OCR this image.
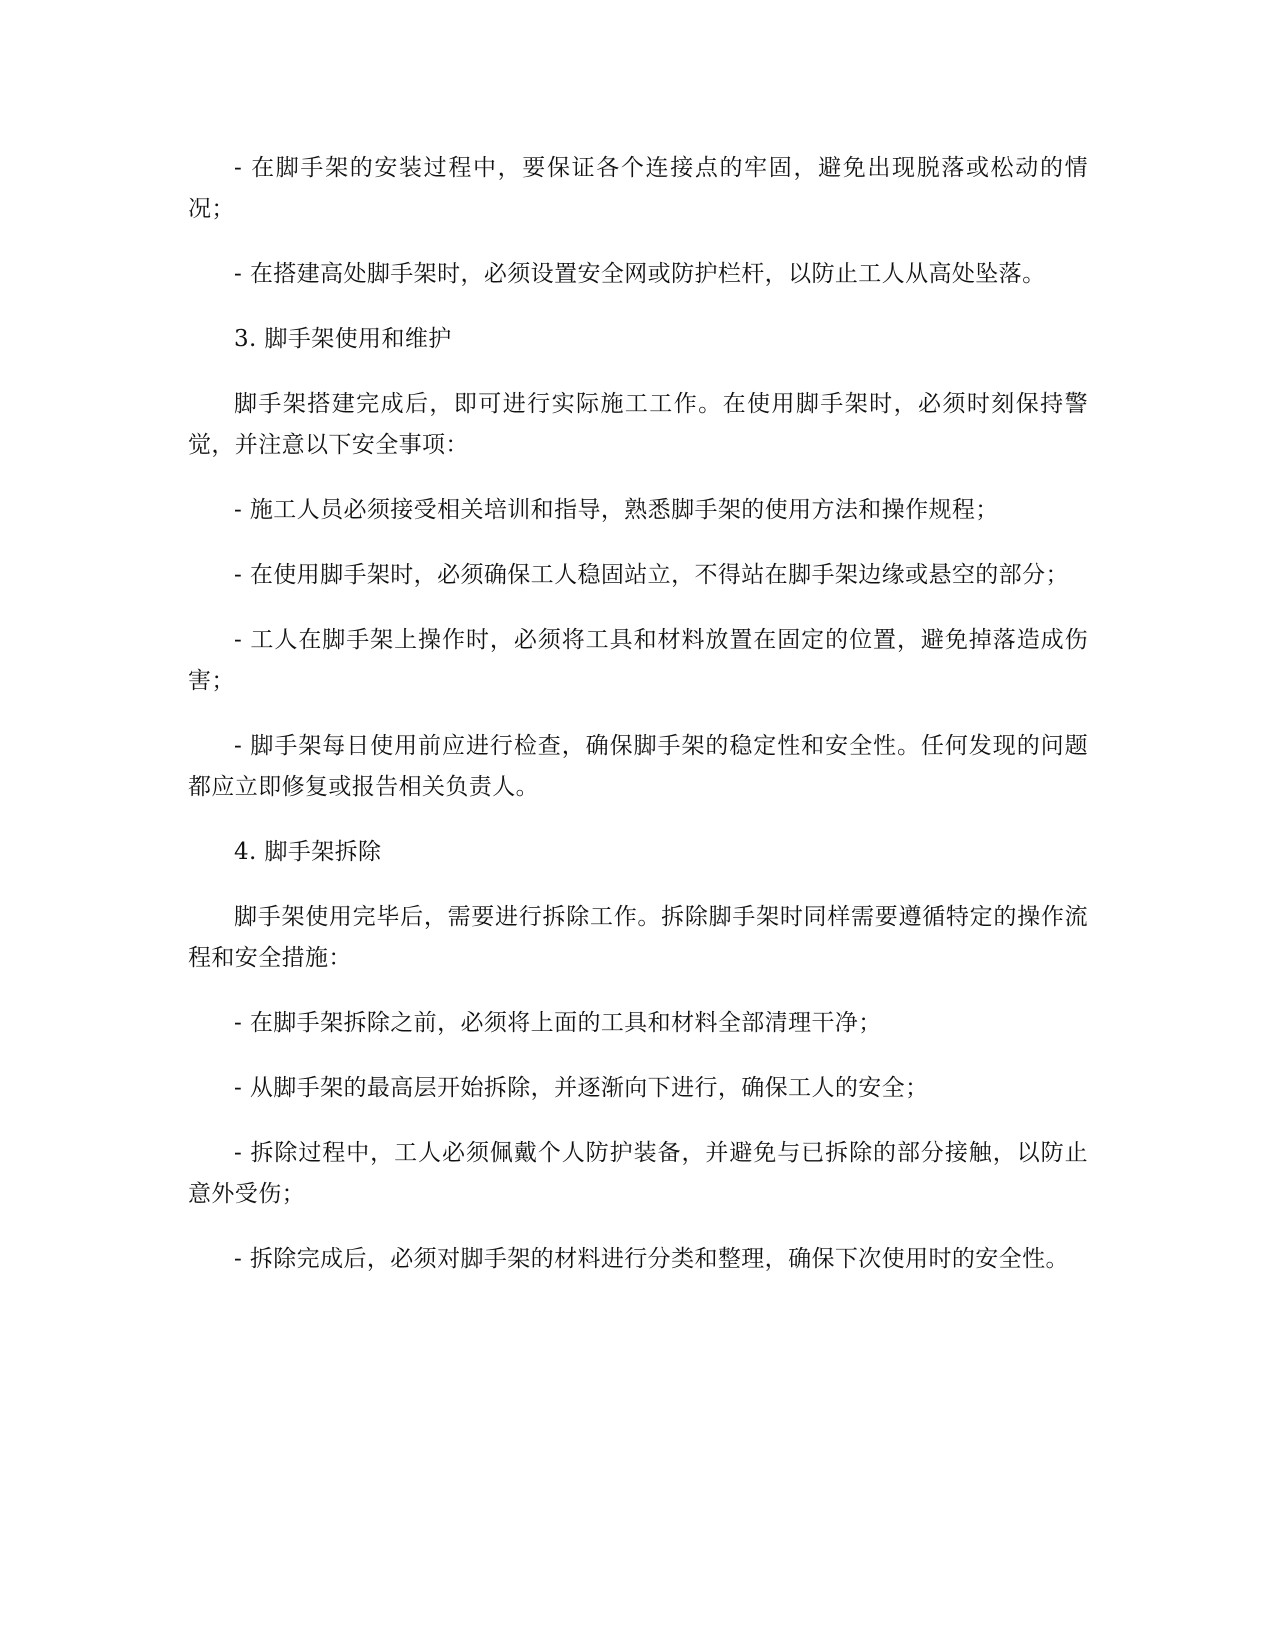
- 在脚手架的安装过程中，要保证各个连接点的牢固，避免出现脱落或松动的情况；

- 在搭建高处脚手架时，必须设置安全网或防护栏杆，以防止工人从高处坠落。

3. 脚手架使用和维护

脚手架搭建完成后，即可进行实际施工工作。在使用脚手架时，必须时刻保持警觉，并注意以下安全事项：

- 施工人员必须接受相关培训和指导，熟悉脚手架的使用方法和操作规程；

- 在使用脚手架时，必须确保工人稳固站立，不得站在脚手架边缘或悬空的部分；

- 工人在脚手架上操作时，必须将工具和材料放置在固定的位置，避免掉落造成伤害；

- 脚手架每日使用前应进行检查，确保脚手架的稳定性和安全性。任何发现的问题都应立即修复或报告相关负责人。

4. 脚手架拆除

脚手架使用完毕后，需要进行拆除工作。拆除脚手架时同样需要遵循特定的操作流程和安全措施：

- 在脚手架拆除之前，必须将上面的工具和材料全部清理干净；

- 从脚手架的最高层开始拆除，并逐渐向下进行，确保工人的安全；

- 拆除过程中，工人必须佩戴个人防护装备，并避免与已拆除的部分接触，以防止意外受伤；

- 拆除完成后，必须对脚手架的材料进行分类和整理，确保下次使用时的安全性。
